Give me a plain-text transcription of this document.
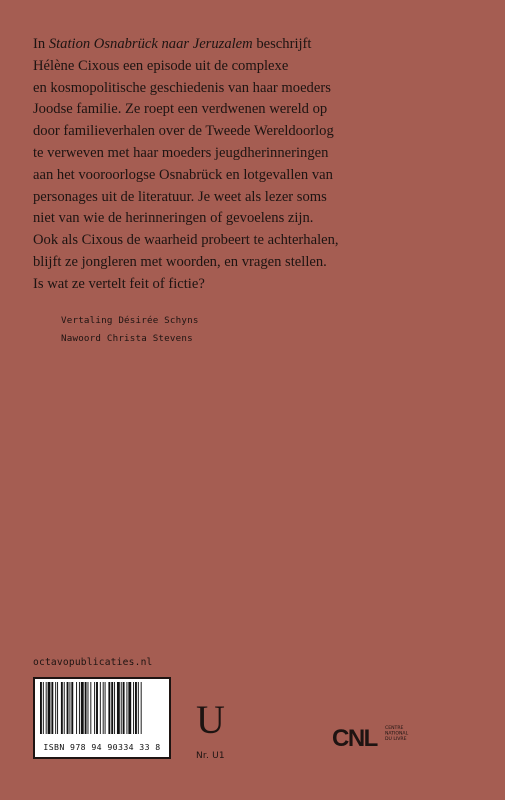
In Station Osnabrück naar Jeruzalem beschrijft
Hélène Cixous een episode uit de complexe
en kosmopolitische geschiedenis van haar moeders
Joodse familie. Ze roept een verdwenen wereld op
door familieverhalen over de Tweede Wereldoorlog
te verweven met haar moeders jeugdherinneringen
aan het vooroorlogse Osnabrück en lotgevallen van
personages uit de literatuur. Je weet als lezer soms
niet van wie de herinneringen of gevoelens zijn.
Ook als Cixous de waarheid probeert te achterhalen,
blijft ze jongleren met woorden, en vragen stellen.
Is wat ze vertelt feit of fictie?
Vertaling Désirée Schyns
Nawoord Christa Stevens
octavopublicaties.nl
ISBN 978 94 90334 33 8
U
Nr. U1
CNL CENTRE
NATIONAL
DU LIVRE
